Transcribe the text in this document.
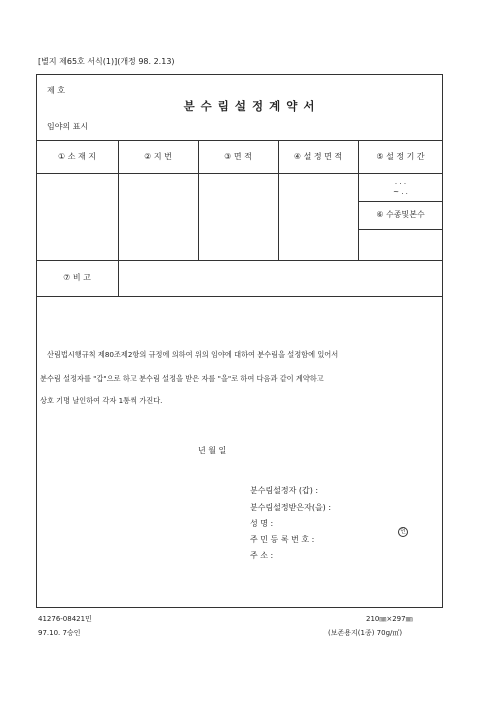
[별지 제65호 서식(1)](개정 98. 2.13)
제 호
분수림설정계약서
임야의 표시
① 소 재 지	② 지 번	③ 면 적	④ 설 정 면 적	⑤ 설 정 기 간
. . .
~ . .
⑥ 수종및본수
⑦ 비 고
산림법시행규칙 제80조제2항의 규정에 의하여 위의 임야에 대하여 분수림을 설정함에 있어서
분수림 설정자를 "갑"으로 하고 분수림 설정을 받은 자를 "을"로 하여 다음과 같이 계약하고
상호 기명 날인하여 각자 1통씩 가진다.
년 월 일
분수림설정자 (갑) :
분수림설정받은자(을) :
성 명 :
인
주 민 등 록 번 호 :
주 소 :
41276-08421민	210㎜×297㎜
97.10. 7승인	(보존용지(1종) 70g/㎡)
